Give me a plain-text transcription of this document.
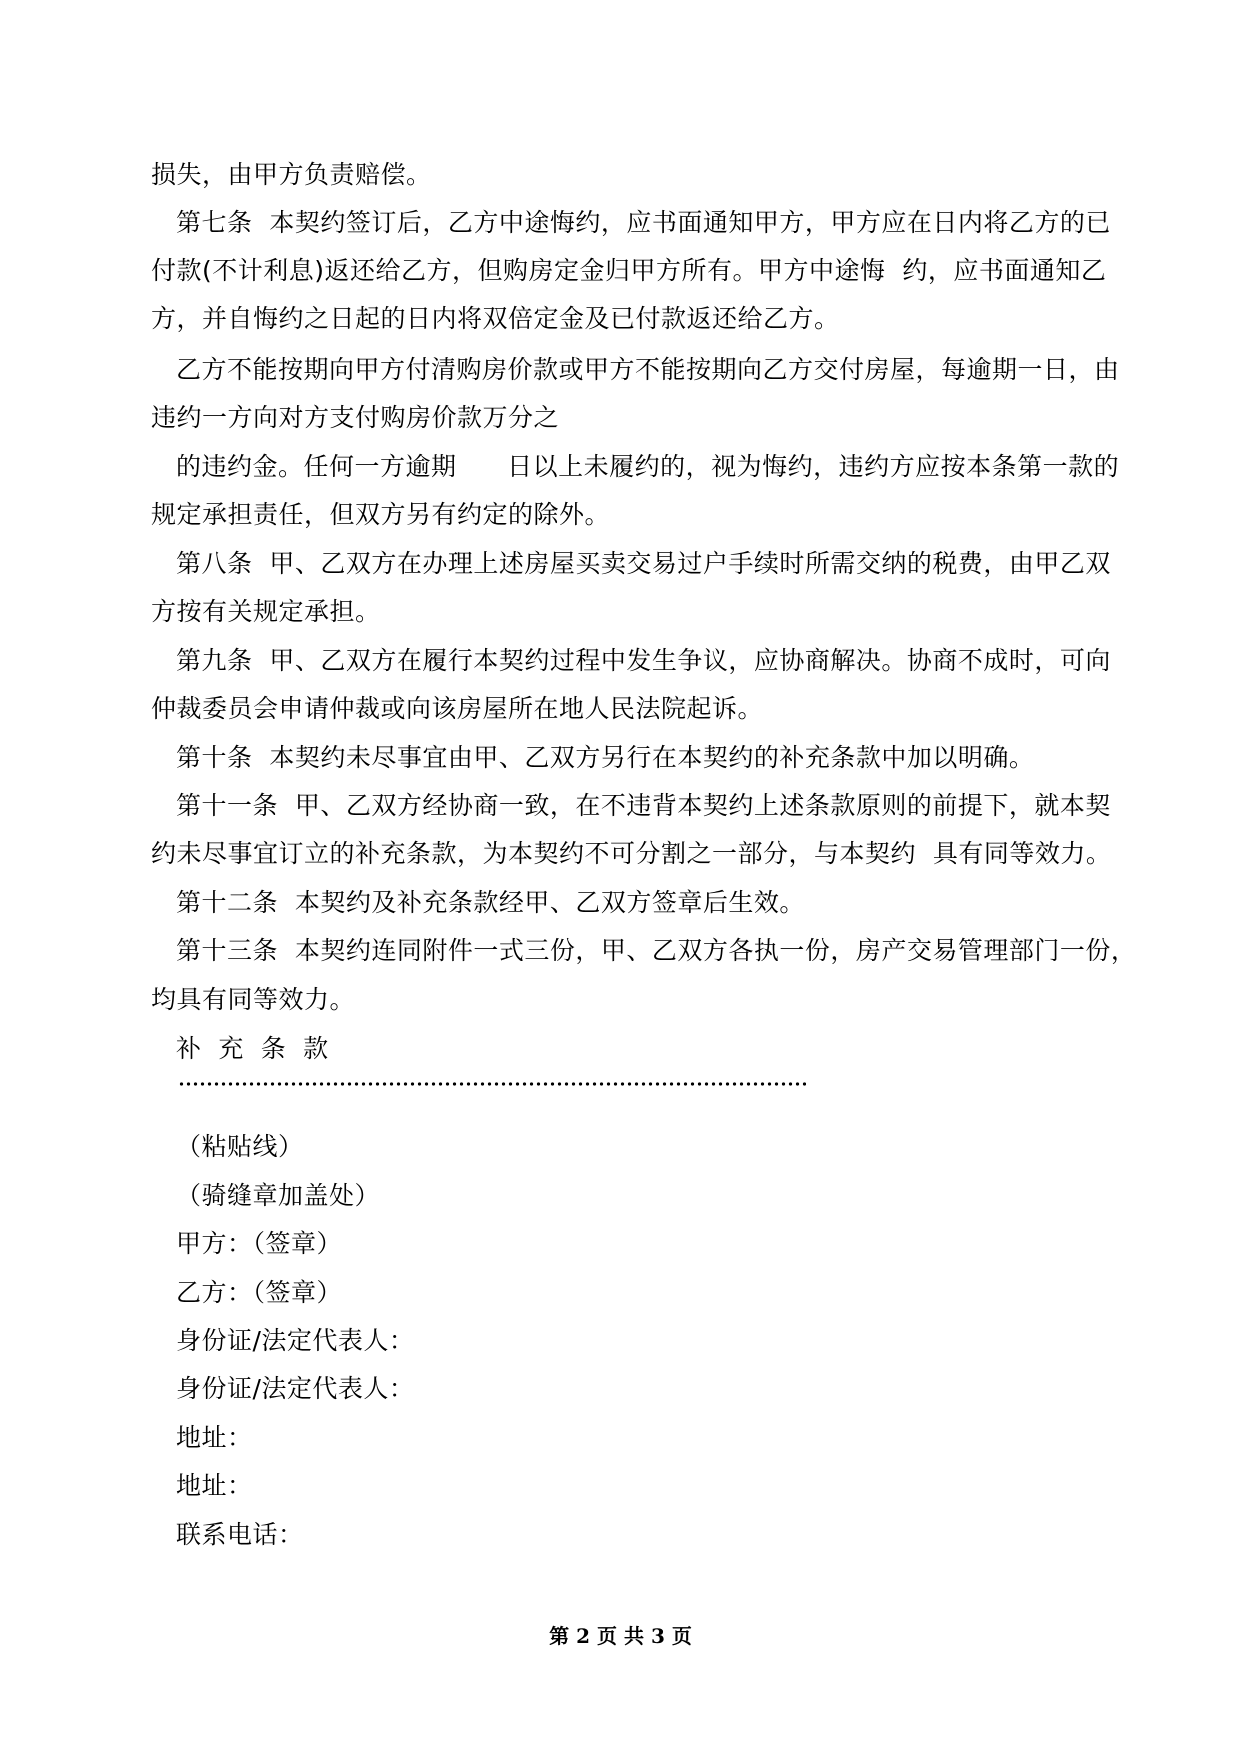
损失，由甲方负责赔偿。
第七条  本契约签订后，乙方中途悔约，应书面通知甲方，甲方应在日内将乙方的已
付款(不计利息)返还给乙方，但购房定金归甲方所有。甲方中途悔  约，应书面通知乙
方，并自悔约之日起的日内将双倍定金及已付款返还给乙方。
乙方不能按期向甲方付清购房价款或甲方不能按期向乙方交付房屋，每逾期一日，由
违约一方向对方支付购房价款万分之
的违约金。任何一方逾期      日以上未履约的，视为悔约，违约方应按本条第一款的
规定承担责任，但双方另有约定的除外。
第八条  甲、乙双方在办理上述房屋买卖交易过户手续时所需交纳的税费，由甲乙双
方按有关规定承担。
第九条  甲、乙双方在履行本契约过程中发生争议，应协商解决。协商不成时，可向
仲裁委员会申请仲裁或向该房屋所在地人民法院起诉。
第十条  本契约未尽事宜由甲、乙双方另行在本契约的补充条款中加以明确。
第十一条  甲、乙双方经协商一致，在不违背本契约上述条款原则的前提下，就本契
约未尽事宜订立的补充条款，为本契约不可分割之一部分，与本契约  具有同等效力。
第十二条  本契约及补充条款经甲、乙双方签章后生效。
第十三条  本契约连同附件一式三份，甲、乙双方各执一份，房产交易管理部门一份，
均具有同等效力。
补  充  条  款
（粘贴线）
（骑缝章加盖处）
甲方：（签章）
乙方：（签章）
身份证/法定代表人：
身份证/法定代表人：
地址：
地址：
联系电话：
第 2 页 共 3 页
